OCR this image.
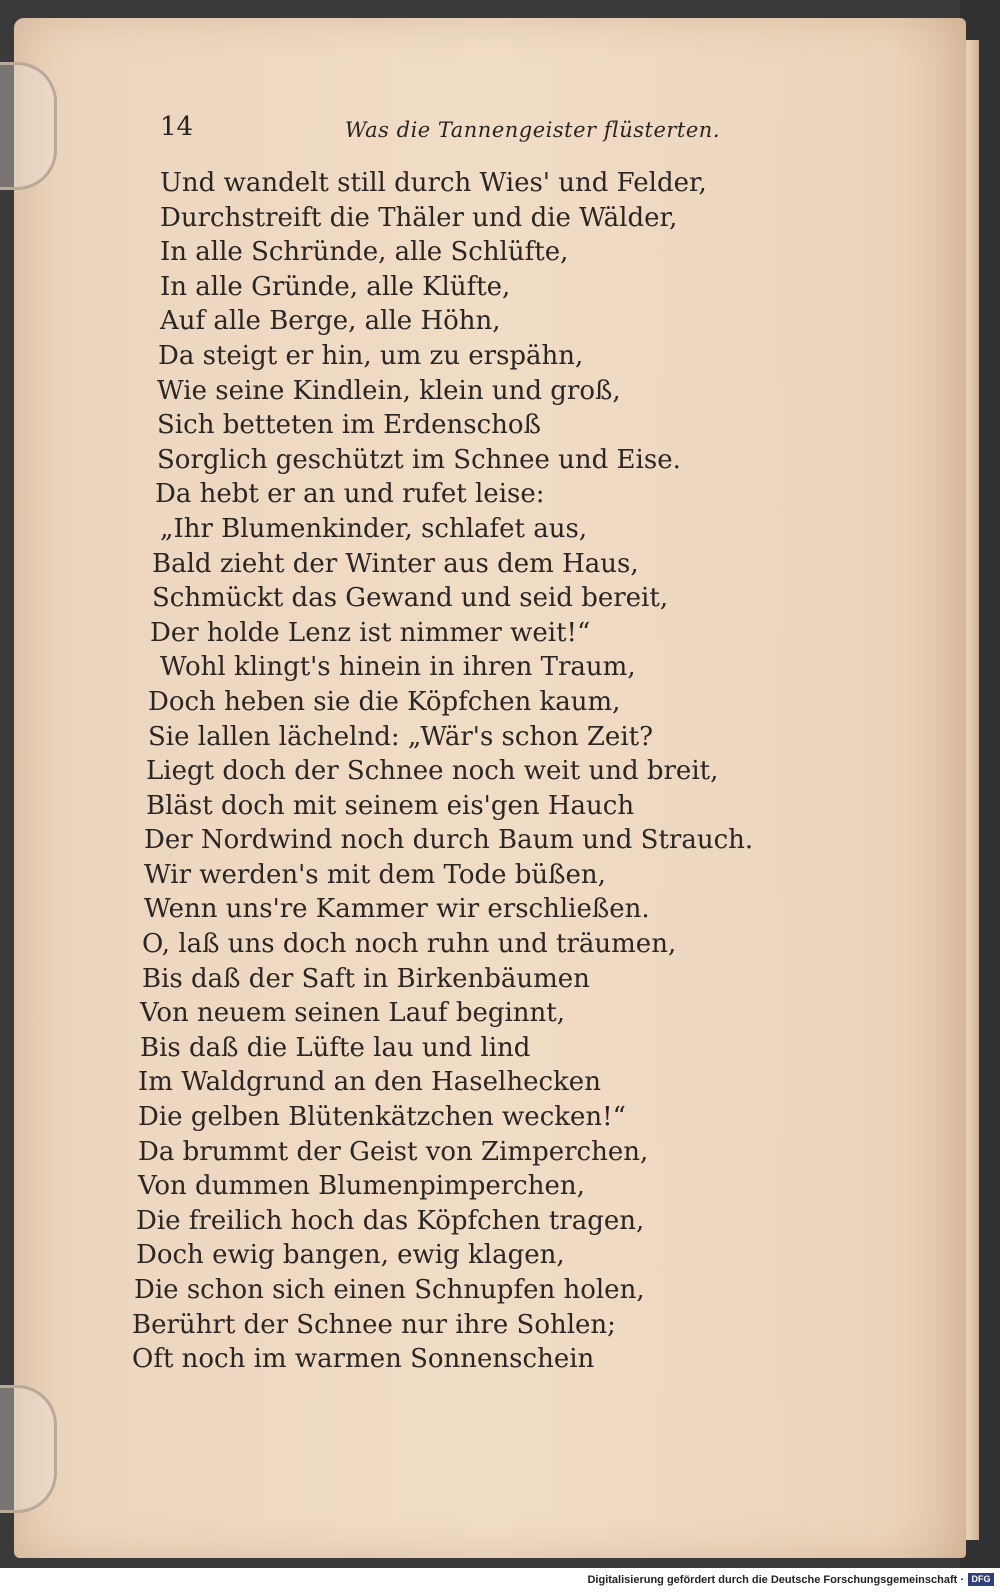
14	Was die Tannengeister flüsterten.
Und wandelt still durch Wies' und Felder,
Durchstreift die Thäler und die Wälder,
In alle Schründe, alle Schlüfte,
In alle Gründe, alle Klüfte,
Auf alle Berge, alle Höhn,
Da steigt er hin, um zu erspähn,
Wie seine Kindlein, klein und groß,
Sich betteten im Erdenschoß
Sorglich geschützt im Schnee und Eise.
Da hebt er an und rufet leise:
„Ihr Blumenkinder, schlafet aus,
Bald zieht der Winter aus dem Haus,
Schmückt das Gewand und seid bereit,
Der holde Lenz ist nimmer weit!“
Wohl klingt's hinein in ihren Traum,
Doch heben sie die Köpfchen kaum,
Sie lallen lächelnd: „Wär's schon Zeit?
Liegt doch der Schnee noch weit und breit,
Bläst doch mit seinem eis'gen Hauch
Der Nordwind noch durch Baum und Strauch.
Wir werden's mit dem Tode büßen,
Wenn uns're Kammer wir erschließen.
O, laß uns doch noch ruhn und träumen,
Bis daß der Saft in Birkenbäumen
Von neuem seinen Lauf beginnt,
Bis daß die Lüfte lau und lind
Im Waldgrund an den Haselhecken
Die gelben Blütenkätzchen wecken!“
Da brummt der Geist von Zimperchen,
Von dummen Blumenpimperchen,
Die freilich hoch das Köpfchen tragen,
Doch ewig bangen, ewig klagen,
Die schon sich einen Schnupfen holen,
Berührt der Schnee nur ihre Sohlen;
Oft noch im warmen Sonnenschein
Digitalisierung gefördert durch die Deutsche Forschungsgemeinschaft · DFG
